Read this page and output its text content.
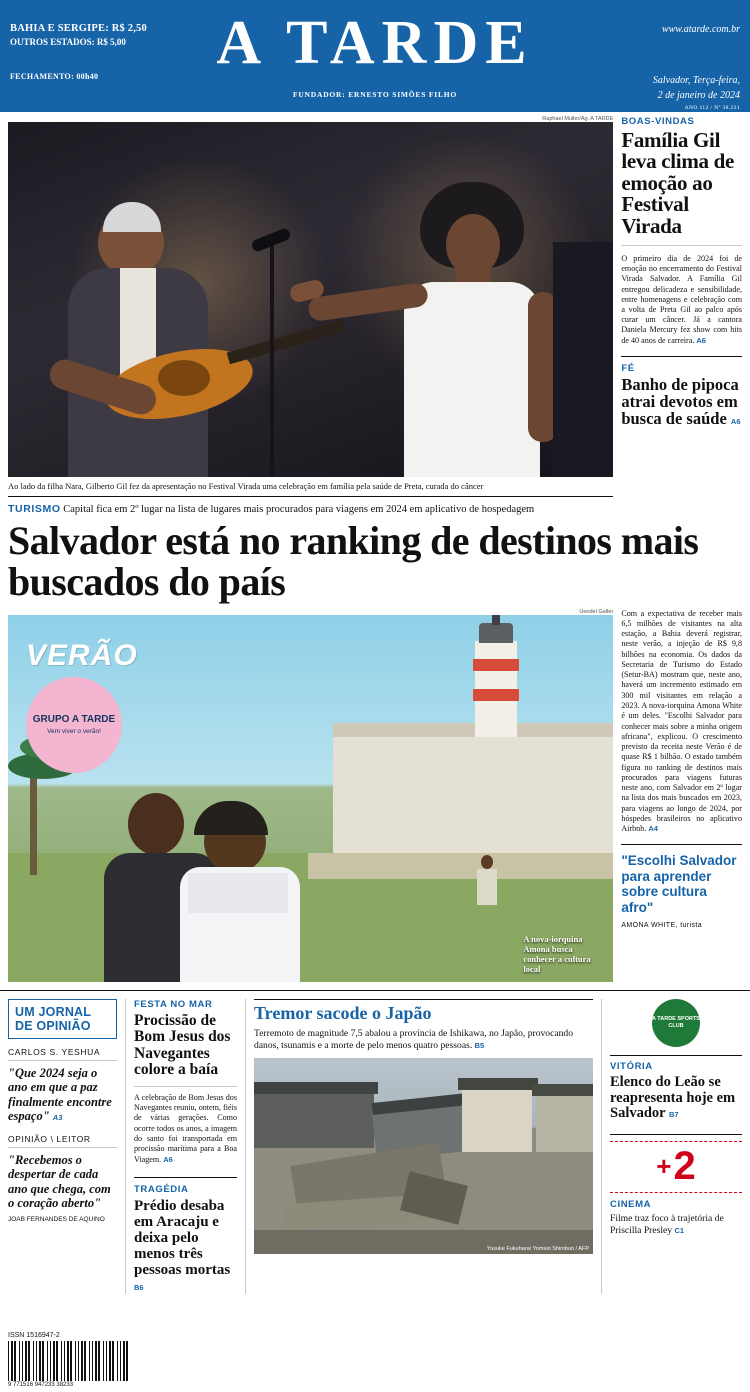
BAHIA E SERGIPE: R$ 2,50
OUTROS ESTADOS: R$ 5,00
FECHAMENTO: 00h40	A TARDE
FUNDADOR: ERNESTO SIMÕES FILHO
www.atarde.com.br
Salvador, Terça-feira,
2 de janeiro de 2024
ANO 112 / Nº 38.231
Raphael Muller/Ag. A TARDE
Ao lado da filha Nara, Gilberto Gil fez da apresentação no Festival Virada uma celebração em família pela saúde de Preta, curada do câncer
BOAS-VINDAS
Família Gil leva clima de emoção ao Festival Virada
O primeiro dia de 2024 foi de emoção no encerramento do Festival Virada Salvador. A Família Gil entregou delicadeza e sensibilidade, entre homenagens e celebração com a volta de Preta Gil ao palco após curar um câncer. Já a cantora Daniela Mercury fez show com hits de 40 anos de carreira. A6
FÉ
Banho de pipoca atrai devotos em busca de saúde A6
TURISMO Capital fica em 2º lugar na lista de lugares mais procurados para viagens em 2024 em aplicativo de hospedagem
Salvador está no ranking de destinos mais buscados do país
Uendel Galter
VERÃO
GRUPO A TARDE
Vem viver o verão!
A nova-iorquina Amona busca conhecer a cultura local
Com a expectativa de receber mais 6,5 milhões de visitantes na alta estação, a Bahia deverá registrar, neste verão, a injeção de R$ 9,8 bilhões na economia. Os dados da Secretaria de Turismo do Estado (Setur-BA) mostram que, neste ano, haverá um incremento estimado em 300 mil visitantes em relação a 2023. A nova-iorquina Amona White é um deles. "Escolhi Salvador para conhecer mais sobre a minha origem africana", explicou. O crescimento previsto da receita neste Verão é de quase R$ 1 bilhão. O estado também figura no ranking de destinos mais procurados para viagens futuras neste ano, com Salvador em 2º lugar na lista dos mais buscados em 2023, para viagens ao longo de 2024, por hóspedes brasileiros no aplicativo Airbnb. A4
"Escolhi Salvador para aprender sobre cultura afro"
AMONA WHITE, turista
UM JORNAL DE OPINIÃO
CARLOS S. YESHUA
"Que 2024 seja o ano em que a paz finalmente encontre espaço" A3
OPINIÃO \ LEITOR
"Recebemos o despertar de cada ano que chega, com o coração aberto"
JOAB FERNANDES DE AQUINO
FESTA NO MAR
Procissão de Bom Jesus dos Navegantes colore a baía
A celebração de Bom Jesus dos Navegantes reuniu, ontem, fiéis de várias gerações. Como ocorre todos os anos, a imagem do santo foi transportada em procissão marítima para a Boa Viagem. A6
TRAGÉDIA
Prédio desaba em Aracaju e deixa pelo menos três pessoas mortas B6
Tremor sacode o Japão
Terremoto de magnitude 7,5 abalou a província de Ishikawa, no Japão, provocando danos, tsunamis e a morte de pelo menos quatro pessoas. B5
Yusuke Fukuhara/ Yomiuri Shimbun / AFP
A TARDE SPORTS CLUB
VITÓRIA
Elenco do Leão se reapresenta hoje em Salvador B7
+ 2
CINEMA
Filme traz foco à trajetória de Priscilla Presley C1
ISSN 1516947-2
9 771516 947233 38233
